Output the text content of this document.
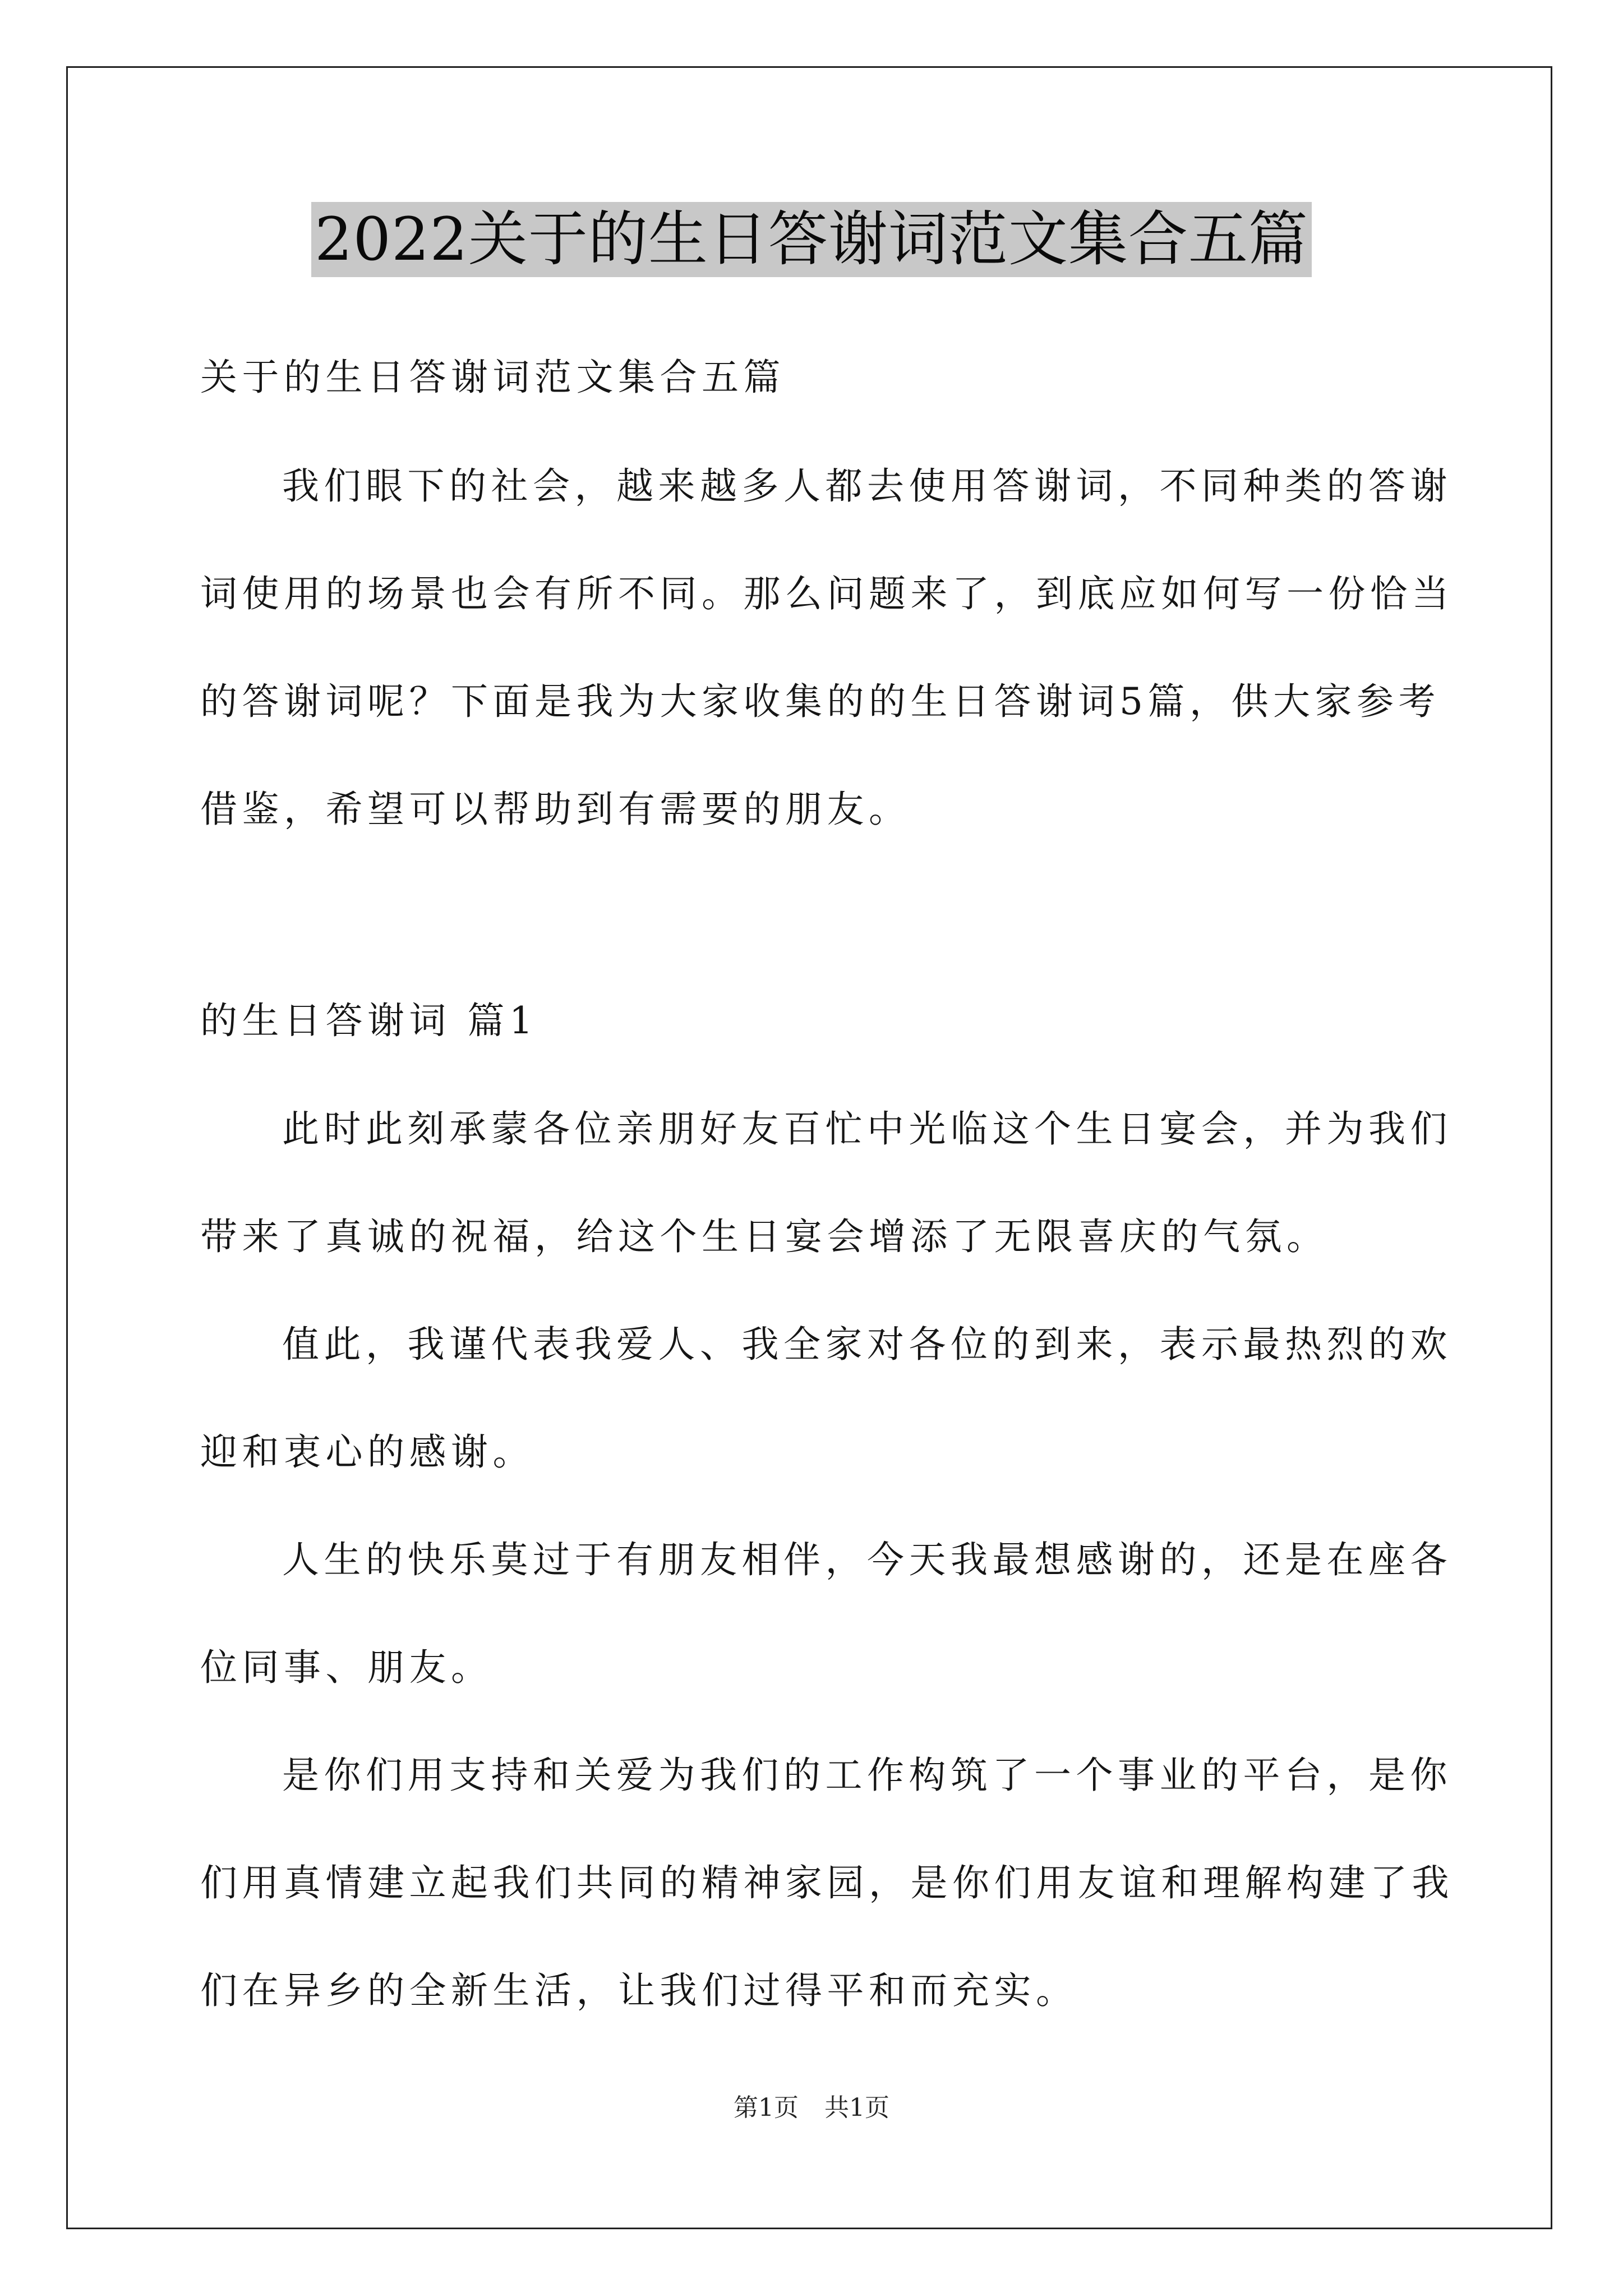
2022关于的生日答谢词范文集合五篇
关于的生日答谢词范文集合五篇
我们眼下的社会，越来越多人都去使用答谢词，不同种类的答谢
词使用的场景也会有所不同。那么问题来了，到底应如何写一份恰当
的答谢词呢？下面是我为大家收集的的生日答谢词5篇，供大家参考
借鉴，希望可以帮助到有需要的朋友。
的生日答谢词 篇1
此时此刻承蒙各位亲朋好友百忙中光临这个生日宴会，并为我们
带来了真诚的祝福，给这个生日宴会增添了无限喜庆的气氛。
值此，我谨代表我爱人、我全家对各位的到来，表示最热烈的欢
迎和衷心的感谢。
人生的快乐莫过于有朋友相伴，今天我最想感谢的，还是在座各
位同事、朋友。
是你们用支持和关爱为我们的工作构筑了一个事业的平台，是你
们用真情建立起我们共同的精神家园，是你们用友谊和理解构建了我
们在异乡的全新生活，让我们过得平和而充实。
第1页 共1页
